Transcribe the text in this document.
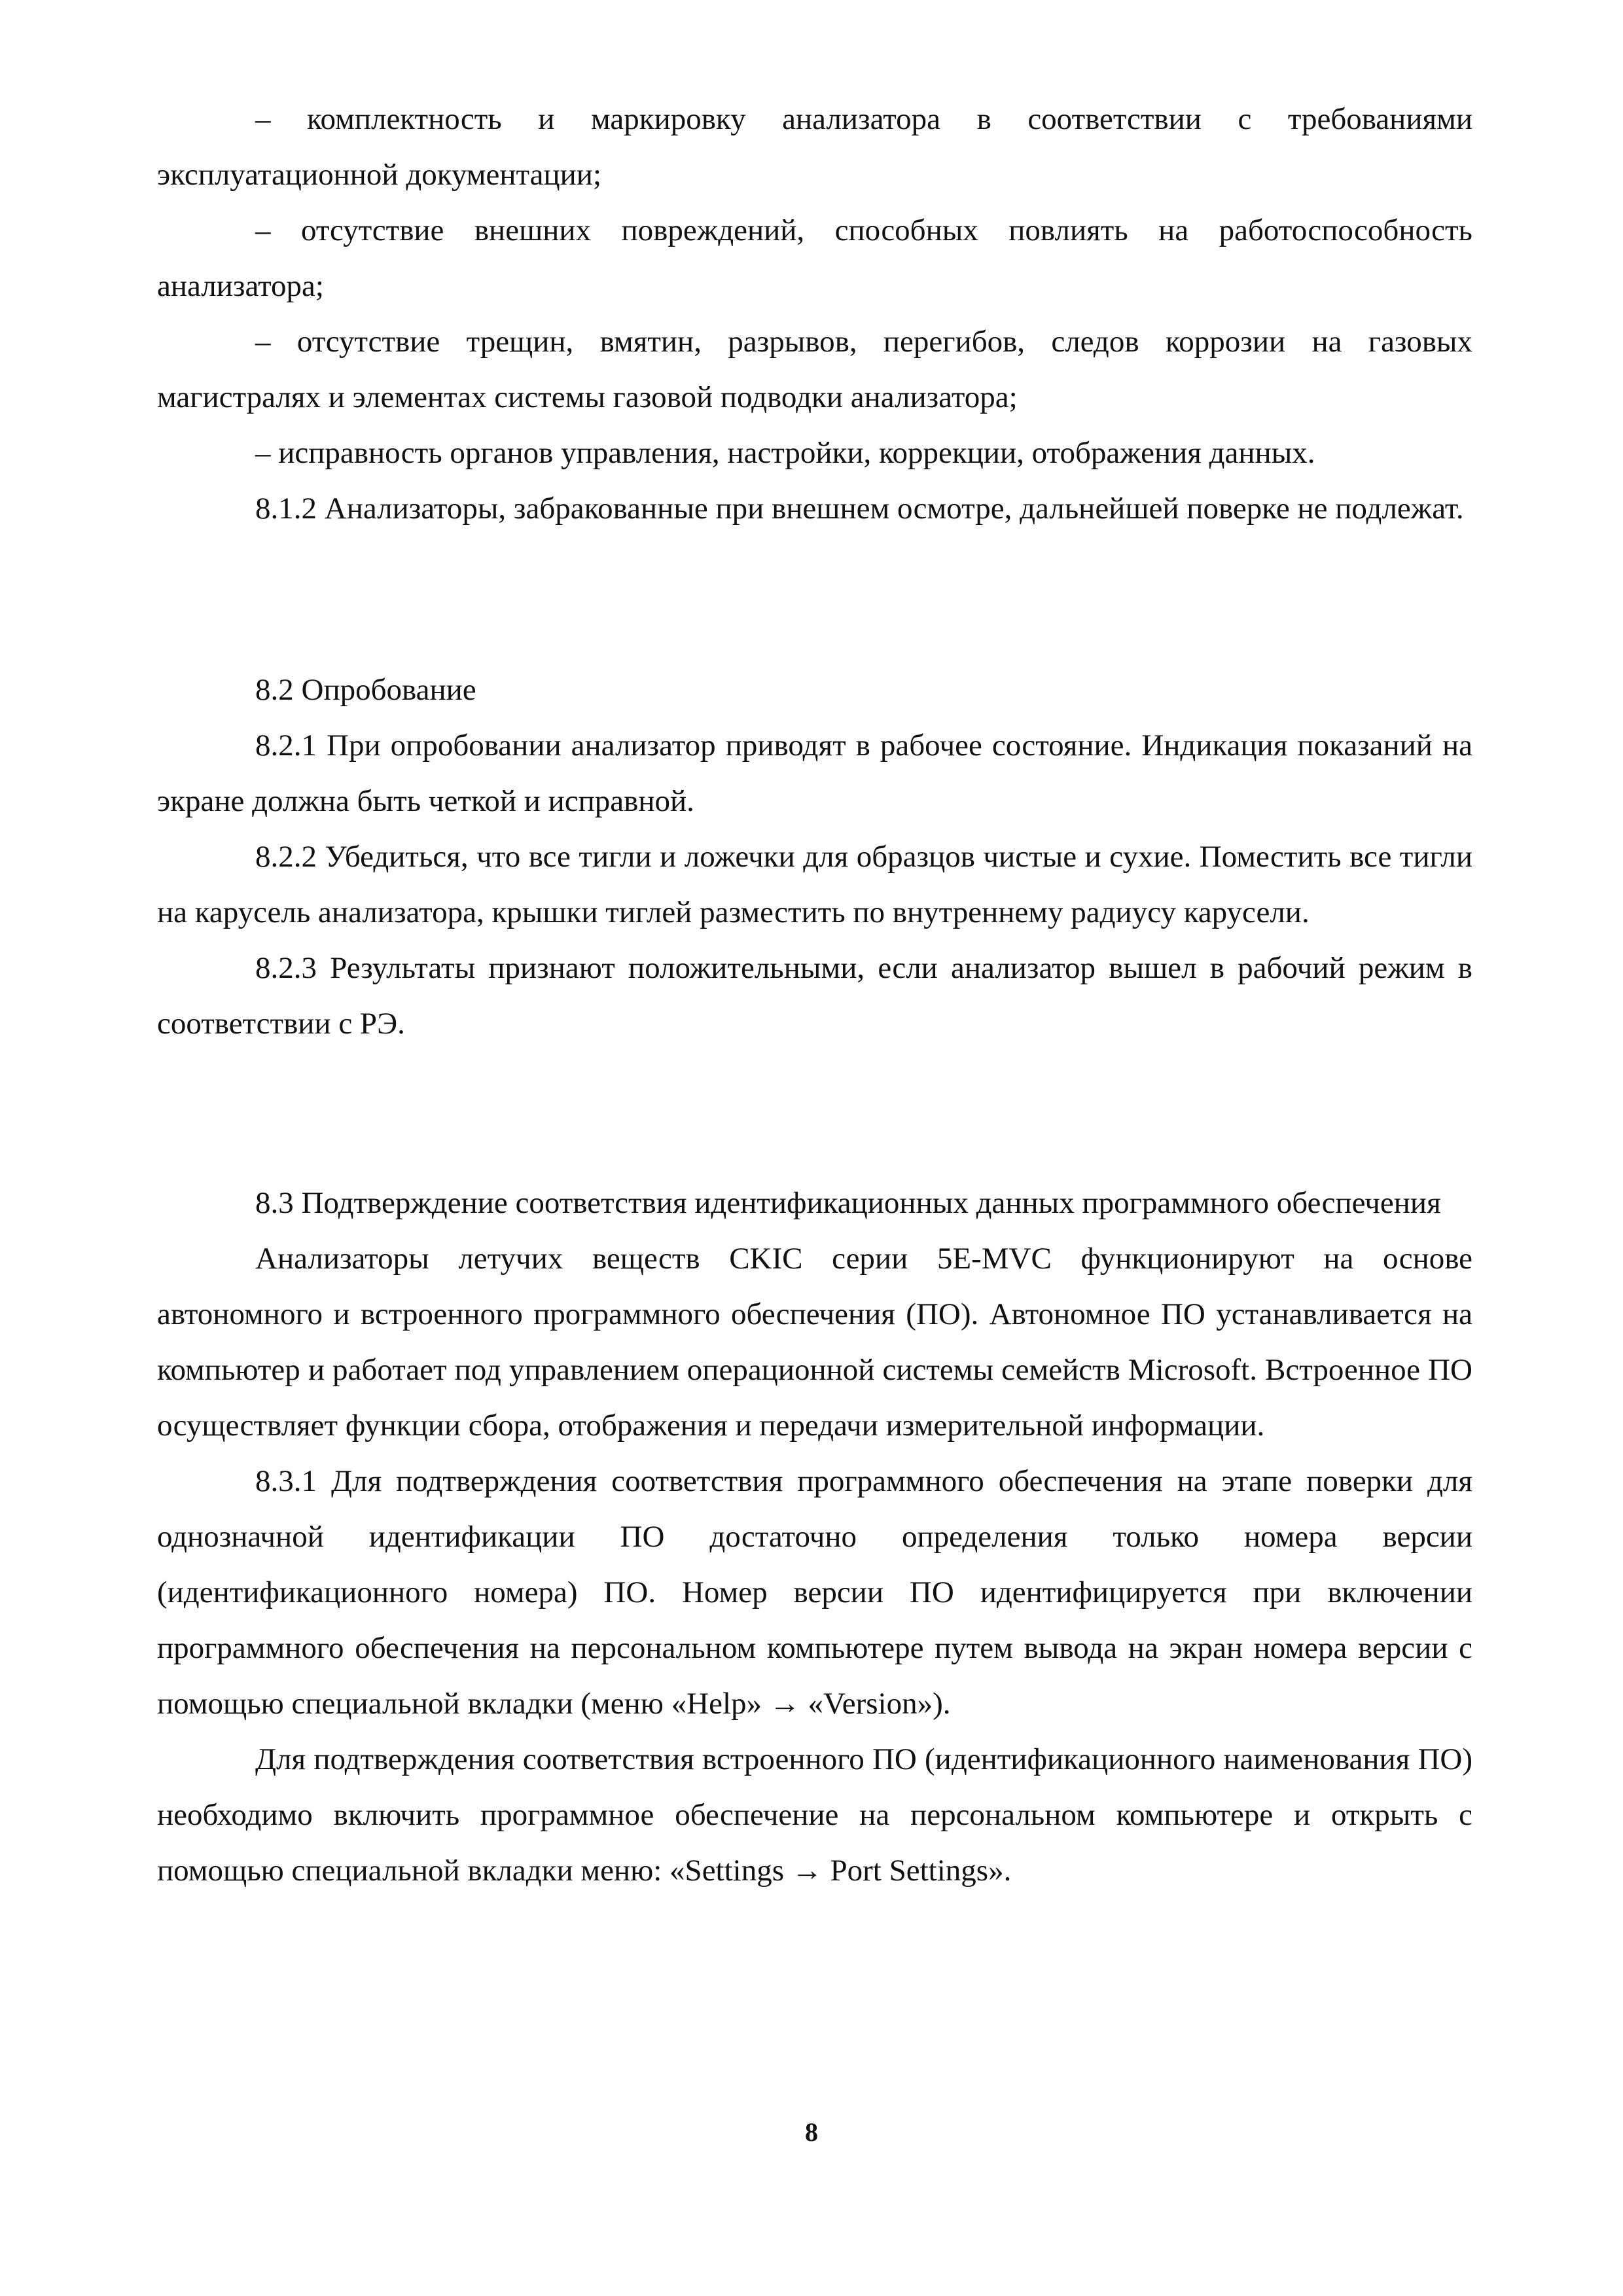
– комплектность и маркировку анализатора в соответствии с требованиями эксплуатационной документации;

– отсутствие внешних повреждений, способных повлиять на работоспособность анализатора;

– отсутствие трещин, вмятин, разрывов, перегибов, следов коррозии на газовых магистралях и элементах системы газовой подводки анализатора;

– исправность органов управления, настройки, коррекции, отображения данных.

8.1.2 Анализаторы, забракованные при внешнем осмотре, дальнейшей поверке не подлежат.

8.2 Опробование

8.2.1 При опробовании анализатор приводят в рабочее состояние. Индикация показаний на экране должна быть четкой и исправной.

8.2.2 Убедиться, что все тигли и ложечки для образцов чистые и сухие. Поместить все тигли на карусель анализатора, крышки тиглей разместить по внутреннему радиусу карусели.

8.2.3 Результаты признают положительными, если анализатор вышел в рабочий режим в соответствии с РЭ.

8.3 Подтверждение соответствия идентификационных данных программного обеспечения

Анализаторы летучих веществ CKIC серии 5E-MVC функционируют на основе автономного и встроенного программного обеспечения (ПО). Автономное ПО устанавливается на компьютер и работает под управлением операционной системы семейств Microsoft. Встроенное ПО осуществляет функции сбора, отображения и передачи измерительной информации.

8.3.1 Для подтверждения соответствия программного обеспечения на этапе поверки для однозначной идентификации ПО достаточно определения только номера версии (идентификационного номера) ПО. Номер версии ПО идентифицируется при включении программного обеспечения на персональном компьютере путем вывода на экран номера версии с помощью специальной вкладки (меню «Help» → «Version»).

Для подтверждения соответствия встроенного ПО (идентификационного наименования ПО) необходимо включить программное обеспечение на персональном компьютере и открыть с помощью специальной вкладки меню: «Settings → Port Settings».

8
